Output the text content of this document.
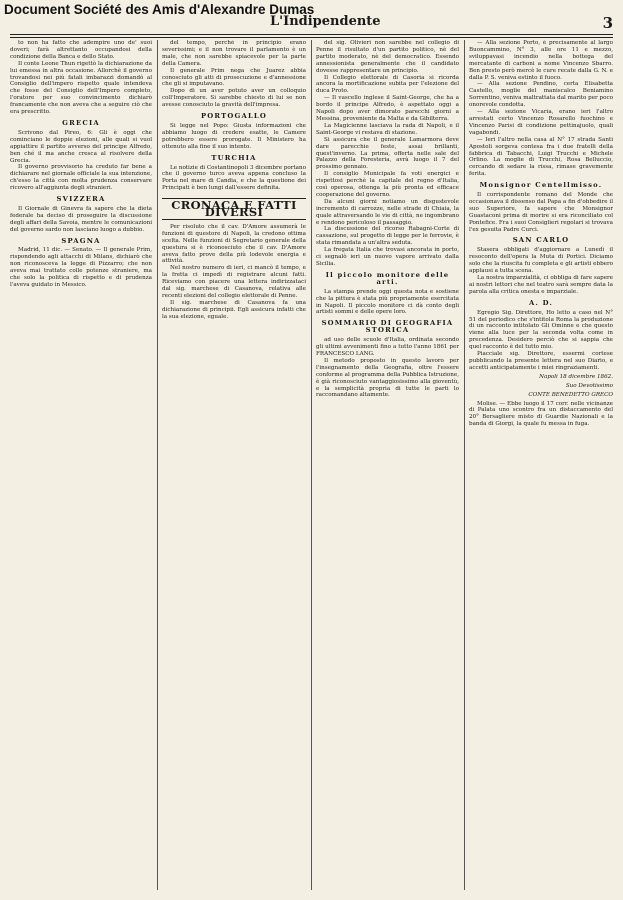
Document Société des Amis d'Alexandre Dumas
L'Indipendente	3

to non ha fatto che adempire uno de' suoi doveri; farà altrettanto occupandosi della condizione della Banca e dello Stato.

Il conte Leone Thun rigettò la dichiarazione da lui emessa in altra occasione. Allorchè il governo trovandosi nei più fatali imbarazzi domandò al Consiglio dell'impero rispetto quale intendeva che fosse del Consiglio dell'Impero completo, l'oratore per suo convincimento dichiarò francamente che non aveva che a seguire ciò che era prescritto.

GRECIA

Scrivono dal Pireo, 6: Gli è oggi che cominciano le doppie elezioni, alle quali si vuol appiattire il partito avverso del principe Alfredo, ben ché il ma anche cresca al risolvere della Grecia.

Il governo provvisorio ha creduto far bene a dichiarare nel giornale officiale la sua intenzione, ch'esso la città con molta prudenza conservare ricovero all'aggiunta degli stranieri.

SVIZZERA

Il Giornale di Ginevra fa sapere che la dieta federale ha deciso di proseguire la discussione degli affari della Savoia, mentre le comunicazioni del governo sardo non lasciano luogo a dubbio.

SPAGNA

Madrid, 11 dic. — Senato. — Il generale Prim, rispondendo agli attacchi di Milans, dichiarò che non riconosceva la legge di Pizzarro; che non aveva mai trattato colle potenze straniere, ma che solo la politica di rispetto e di prudenza l'aveva guidato in Messico.

del tempo, perchè in principio erano severissimi; e il non trovare il parlamento è un male, che non sarebbe spiacevole per la parte della Camera.

Il generale Prim nega che Juarez abbia conosciuto gli atti di prosecuzione e d'annessione che gli si imputavano.

Dopo di un aver potuto aver un colloquio coll'Imperatore. Si sarebbe chiesto di lui se non avesse conosciuto la gravità dell'impresa.

PORTOGALLO

Si legge nel Popo: Giusta informazioni che abbiamo luogo di credere esatte, le Camere potrebbero essere prorogate. Il Ministero ha ottenuto alla fine il suo intento.

TURCHIA

Le notizie di Costantinopoli 3 dicembre portano che il governo turco aveva appena concluso la Porta nel mare di Candia, e che la questione dei Principati è ben lungi dall'essere definita.

CRONACA E FATTI DIVERSI

Per risoluto che il cav. D'Amore assumerà le funzioni di questore di Napoli, la credono ottima scelta. Nelle funzioni di Segretario generale della questura si è riconosciuto che il cav. D'Amore aveva fatto prove della più lodevole energia e attività.

Nel nostro numero di ieri, ci mancò il tempo, e la fretta ci impedì di registrare alcuni fatti. Riceviamo con piacere una lettera indirizzataci dal sig. marchese di Casanova, relativa alle recenti elezioni del collegio elettorale di Penne.

Il sig. marchese di Casanova fa una dichiarazione di principii. Egli assicura infatti che la sua elezione, eguale.

del sig. Olivieri non sarebbe nel collegio di Penne il risultato d'un partito politico, nè del partito moderato, nè del democratico. Essendo annessionista generalmente che il candidato dovesse rappresentare un principio.

Il Collegio elettorale di Casoria si ricorda ancora la mortificazione subita per l'elezione del duca Proto.

— Il vascello inglese il Saint-George, che ha a bordo il principe Alfredo, è aspettato oggi a Napoli dopo aver dimorato parecchi giorni a Messina, proveniente da Malta e da Gibilterra.

La Magicienne lasciava la rada di Napoli, e il Saint-George vi restava di stazione.

Si assicura che il generale Lamarmora deve dare parecchie feste, assai brillanti, quest'inverno. La prima, offerta nelle sale del Palazzo della Foresteria, avrà luogo il 7 del prossimo gennaio.

Il consiglio Municipale fa voti energici e rispettosi perchè la capitale del regno d'Italia, così operosa, ottenga la più pronta ed efficace cooperazione del governo.

Da alcuni giorni notiamo un disgustevole incremento di carrozze, nelle strade di Chiaia, la quale attraversando le vie di città, ne ingombrano e rendono pericoloso il passaggio.

La discussione del ricorso Rabagni-Corte di cassazione, sul progetto di legge per le ferrovie, è stata rimandata a un'altra seduta.

La fregata Italia che trovasi ancorata in porto, ci segnalò ieri un nuovo vapore arrivato dalla Sicilia.

Il piccolo monitore delle arti.

La stampa prende oggi questa nota e sostiene che la pittura è stata più propriamente esercitata in Napoli. Il piccolo monitore ci dà conto degli artisti sommi e delle opere loro.

SOMMARIO DI GEOGRAFIA STORICA

ad uso delle scuole d'Italia, ordinata secondo gli ultimi avvenimenti fino a tutto l'anno 1861 per FRANCESCO LANG.

Il metodo proposto in questo lavoro per l'insegnamento della Geografia, oltre l'essere conforme al programma della Pubblica Istruzione, è già riconosciuto vantaggiosissimo alla gioventù, e la semplicità propria di tutte le parti lo raccomandano altamente.

— Alla sezione Porto, è precisamente al largo Buoncammino, N° 3, alle ore 11 e mezzo, sviluppavasi incendio nella bottega del mercatante di carboni a nome Vincenzo Sbarro. Ben presto però mercè le cure recate dalla G. N. e dalla P. S. veniva estinto il fuoco.

— Alla sezione Pendino, certa Elisabetta Castello, moglie del maniscalco Beniamino Sorrentino, veniva maltrattata dal marito per poco onorevole condotta.

— Alla sezione Vicaria, erano ieri l'altro arrestati certo Vincenzo Rosarello fuochino e Vincenzo Parisi di condizione pettinajuolo, quali vagabondi.

— Ieri l'altro nella casa al N° 17 strada Santi Apostoli sorgeva contesa fra i due fratelli della fabbrica di Tabacchi, Luigi Trucchi e Michele Orlino. La moglie di Trucchi, Rosa Belluccio, cercando di sedare la rissa, rimase gravemente ferita.

Monsignor Centellmisso.

Il corrispondente romano del Monde che occasionava il dissenso dal Papa a fin d'obbedire il suo Superiore, fa sapere che Monsignor Guastaconi prima di morire si era riconciliato col Pontefice. Fra i suoi Consiglieri regolari si trovava l'ex gesuita Padre Curci.

SAN CARLO

Stasera obbligati d'aggiornare a Lunedì il resoconto dell'opera la Muta di Portici. Diciamo solo che la riuscita fu completa e gli artisti ebbero applausi a tutta scena.

La nostra imparzialità, ci obbliga di fare sapere ai nostri lettori che nel teatro sarà sempre data la parola alla critica onesta e imparziale.

A. D.

Egregio Sig. Direttore, Ho letto a caso nel N° 51 del periodico che s'intitola Roma la produzione di un racconto intitolato Gli Ominne e che questo viene alla luce per la seconda volta come in precedenza. Desidero perciò che si sappia che quel racconto è del tutto mio.

Piacciale sig. Direttore, essermi cortese pubblicando la presente lettera nel suo Diario, e accetti anticipatamente i miei ringraziamenti.

Napoli 18 dicembre 1862.
Suo Devotissimo
CONTE BENEDETTO GRECO

Molise. — Ebbe luogo il 17 corr. nelle vicinanze di Palata uno scontro fra un distaccamento del 20° Bersagliere misto di Guardie Nazionali e la banda di Giorgi, la quale fu messa in fuga.
